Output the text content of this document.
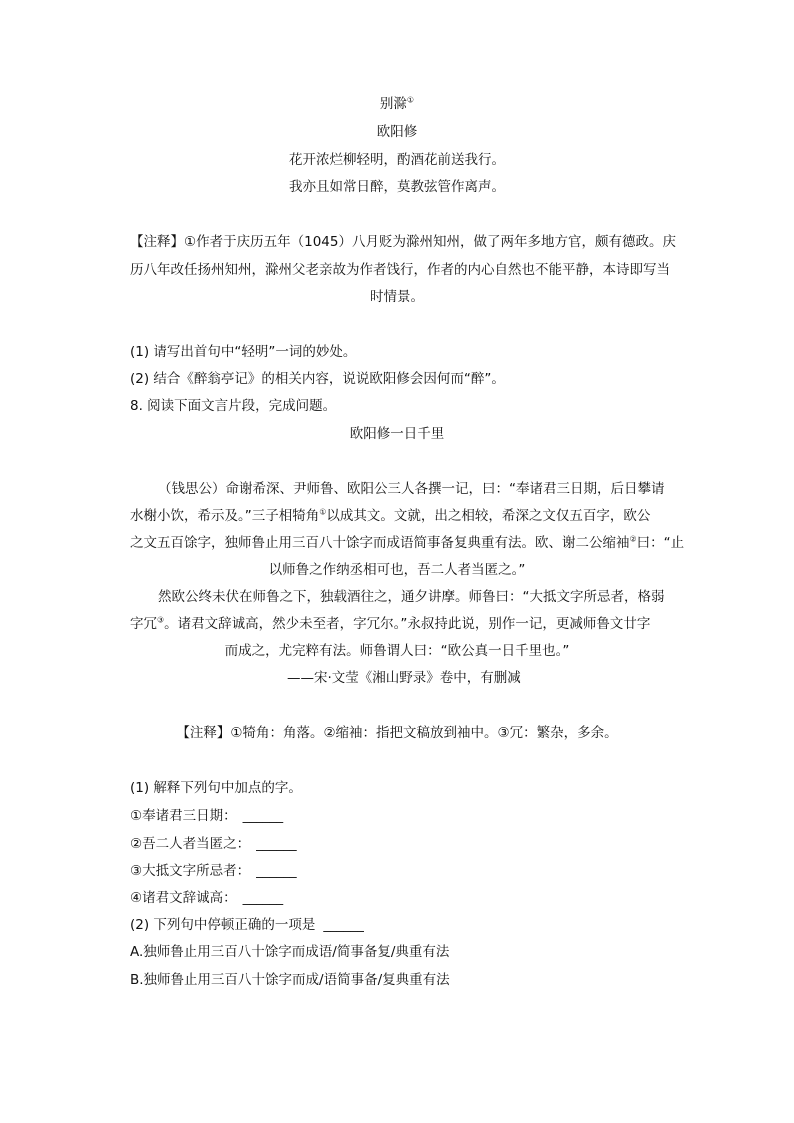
别滁①
欧阳修
花开浓烂柳轻明，酌酒花前送我行。
我亦且如常日醉，莫教弦管作离声。
【注释】①作者于庆历五年（1045）八月贬为滁州知州，做了两年多地方官，颇有德政。庆
历八年改任扬州知州，滁州父老亲故为作者饯行，作者的内心自然也不能平静，本诗即写当
时情景。
(1) 请写出首句中“轻明”一词的妙处。
(2) 结合《醉翁亭记》的相关内容，说说欧阳修会因何而“醉”。
8. 阅读下面文言片段，完成问题。
欧阳修一日千里
（钱思公）命谢希深、尹师鲁、欧阳公三人各撰一记，曰：“奉诸君三日期，后日攀请
水榭小饮，希示及。”三子相犄角①以成其文。文就，出之相较，希深之文仅五百字，欧公
之文五百馀字，独师鲁止用三百八十馀字而成语简事备复典重有法。欧、谢二公缩袖②曰：“止
以师鲁之作纳丞相可也，吾二人者当匿之。”
然欧公终未伏在师鲁之下，独载酒往之，通夕讲摩。师鲁曰：“大抵文字所忌者，格弱
字冗③。诸君文辞诚高，然少未至者，字冗尔。”永叔持此说，别作一记，更减师鲁文廿字
而成之，尤完粹有法。师鲁谓人曰：“欧公真一日千里也。”
——宋·文莹《湘山野录》卷中，有删减
【注释】①犄角：角落。②缩袖：指把文稿放到袖中。③冗：繁杂，多余。
(1) 解释下列句中加点的字。
①奉诸君三日期： ______
②吾二人者当匿之： ______
③大抵文字所忌者： ______
④诸君文辞诚高： ______
(2) 下列句中停顿正确的一项是 ______
A.独师鲁止用三百八十馀字而成语/简事备复/典重有法
B.独师鲁止用三百八十馀字而成/语简事备/复典重有法
